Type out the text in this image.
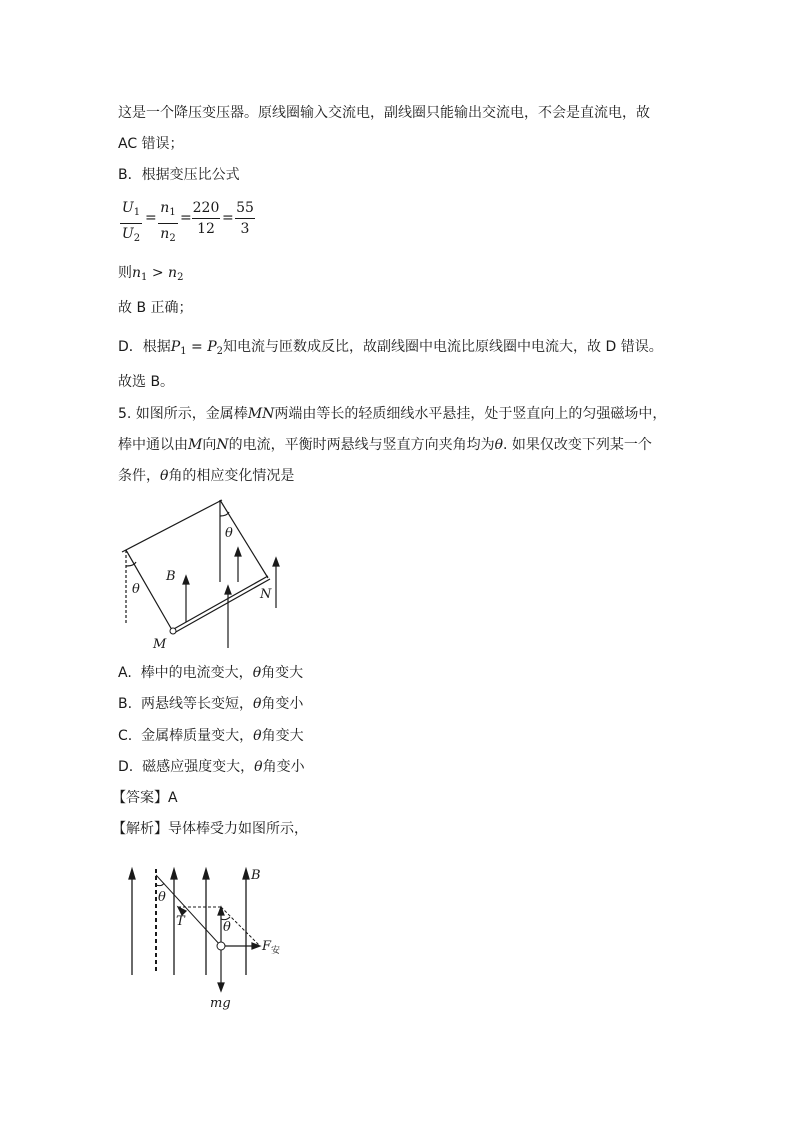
这是一个降压变压器。原线圈输入交流电，副线圈只能输出交流电，不会是直流电，故
AC 错误；
B．根据变压比公式
$U_1$
$U_2$
=
$n_1$
$n_2$
=
220
12
=
55
3
则$n_1 > n_2$
故 B 正确；
D．根据$P_1 = P_2$知电流与匝数成反比，故副线圈中电流比原线圈中电流大，故 D 错误。
故选 B。
5. 如图所示，金属棒MN两端由等长的轻质细线水平悬挂，处于竖直向上的匀强磁场中，
棒中通以由M向N的电流，平衡时两悬线与竖直方向夹角均为θ. 如果仅改变下列某一个
条件，θ角的相应变化情况是
θ
θ
B
M
N
A. 棒中的电流变大，θ角变大
B. 两悬线等长变短，θ角变小
C. 金属棒质量变大，θ角变大
D. 磁感应强度变大，θ角变小
【答案】A
【解析】导体棒受力如图所示，
θ
θ
B
T
$F_安$
mg
